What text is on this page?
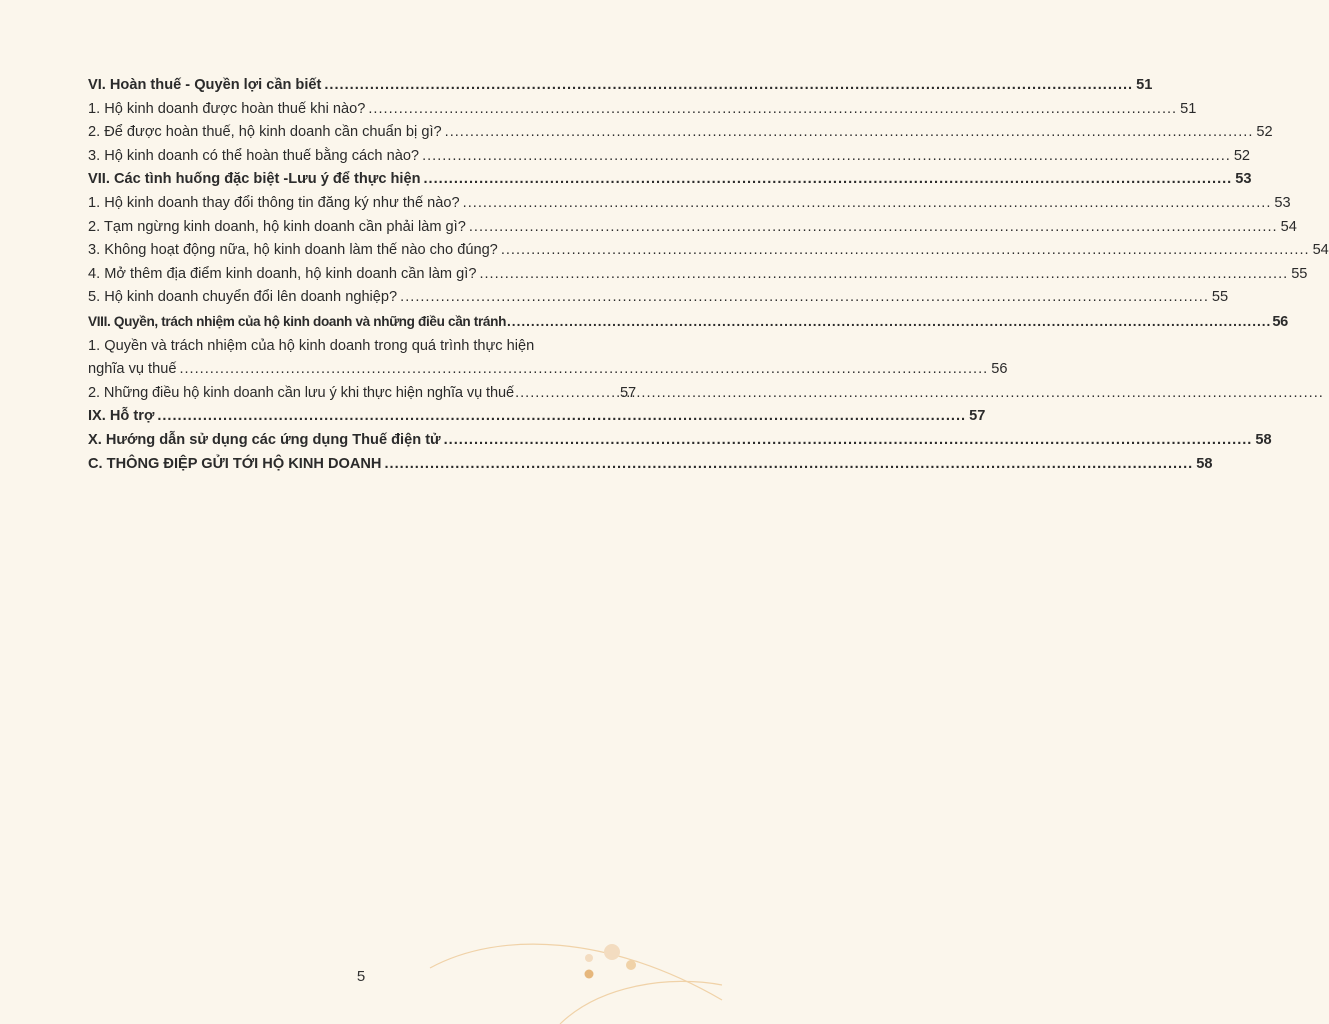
VI. Hoàn thuế - Quyền lợi cần biết .....	51
1. Hộ kinh doanh được hoàn thuế khi nào? .....	51
2. Để được hoàn thuế, hộ kinh doanh cần chuẩn bị gì? .....	52
3. Hộ kinh doanh có thể hoàn thuế bằng cách nào? .....	52
VII. Các tình huống đặc biệt -Lưu ý để thực hiện .....	53
1. Hộ kinh doanh thay đổi thông tin đăng ký như thế nào? .....	53
2. Tạm ngừng kinh doanh, hộ kinh doanh cần phải làm gì? .....	54
3. Không hoạt động nữa, hộ kinh doanh làm thế nào cho đúng? .....	54
4. Mở thêm địa điểm kinh doanh, hộ kinh doanh cần làm gì? .....	55
5. Hộ kinh doanh chuyển đổi lên doanh nghiệp? .....	55
VIII. Quyền, trách nhiệm của hộ kinh doanh và những điều cần tránh .....	56
1. Quyền và trách nhiệm của hộ kinh doanh trong quá trình thực hiện
nghĩa vụ thuế .....	56
2. Những điều hộ kinh doanh cần lưu ý khi thực hiện nghĩa vụ thuế .....	57
IX. Hỗ trợ .....	57
X. Hướng dẫn sử dụng các ứng dụng Thuế điện tử .....	58
C. THÔNG ĐIỆP GỬI TỚI HỘ KINH DOANH .....	58
5
